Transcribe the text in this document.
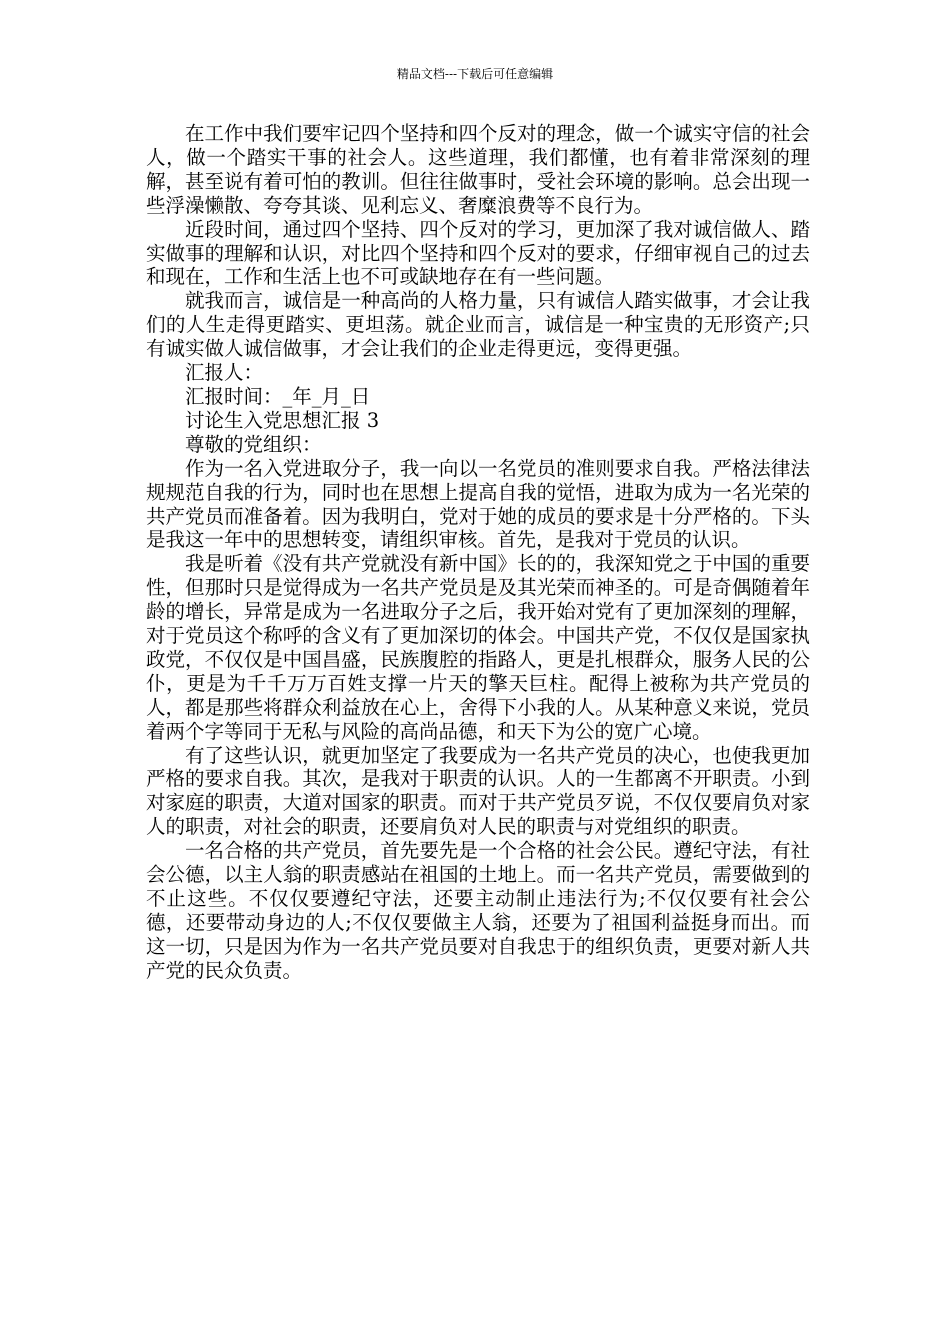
精品文档---下载后可任意编辑

在工作中我们要牢记四个坚持和四个反对的理念，做一个诚实守信的社会人，做一个踏实干事的社会人。这些道理，我们都懂，也有着非常深刻的理解，甚至说有着可怕的教训。但往往做事时，受社会环境的影响。总会出现一些浮澡懒散、夸夸其谈、见利忘义、奢糜浪费等不良行为。

近段时间，通过四个坚持、四个反对的学习，更加深了我对诚信做人、踏实做事的理解和认识，对比四个坚持和四个反对的要求，仔细审视自己的过去和现在，工作和生活上也不可或缺地存在有一些问题。

就我而言，诚信是一种高尚的人格力量，只有诚信人踏实做事，才会让我们的人生走得更踏实、更坦荡。就企业而言，诚信是一种宝贵的无形资产;只有诚实做人诚信做事，才会让我们的企业走得更远，变得更强。

汇报人：

汇报时间：_年_月_日

讨论生入党思想汇报 3

尊敬的党组织：

作为一名入党进取分子，我一向以一名党员的准则要求自我。严格法律法规规范自我的行为，同时也在思想上提高自我的觉悟，进取为成为一名光荣的共产党员而准备着。因为我明白，党对于她的成员的要求是十分严格的。下头是我这一年中的思想转变，请组织审核。首先，是我对于党员的认识。

我是听着《没有共产党就没有新中国》长的的，我深知党之于中国的重要性，但那时只是觉得成为一名共产党员是及其光荣而神圣的。可是奇偶随着年龄的增长，异常是成为一名进取分子之后，我开始对党有了更加深刻的理解，对于党员这个称呼的含义有了更加深切的体会。中国共产党，不仅仅是国家执政党，不仅仅是中国昌盛，民族腹腔的指路人，更是扎根群众，服务人民的公仆，更是为千千万万百姓支撑一片天的擎天巨柱。配得上被称为共产党员的人，都是那些将群众利益放在心上，舍得下小我的人。从某种意义来说，党员着两个字等同于无私与风险的高尚品德，和天下为公的宽广心境。

有了这些认识，就更加坚定了我要成为一名共产党员的决心，也使我更加严格的要求自我。其次，是我对于职责的认识。人的一生都离不开职责。小到对家庭的职责，大道对国家的职责。而对于共产党员歹说，不仅仅要肩负对家人的职责，对社会的职责，还要肩负对人民的职责与对党组织的职责。

一名合格的共产党员，首先要先是一个合格的社会公民。遵纪守法，有社会公德，以主人翁的职责感站在祖国的土地上。而一名共产党员，需要做到的不止这些。不仅仅要遵纪守法，还要主动制止违法行为;不仅仅要有社会公德，还要带动身边的人;不仅仅要做主人翁，还要为了祖国利益挺身而出。而这一切，只是因为作为一名共产党员要对自我忠于的组织负责，更要对新人共产党的民众负责。
